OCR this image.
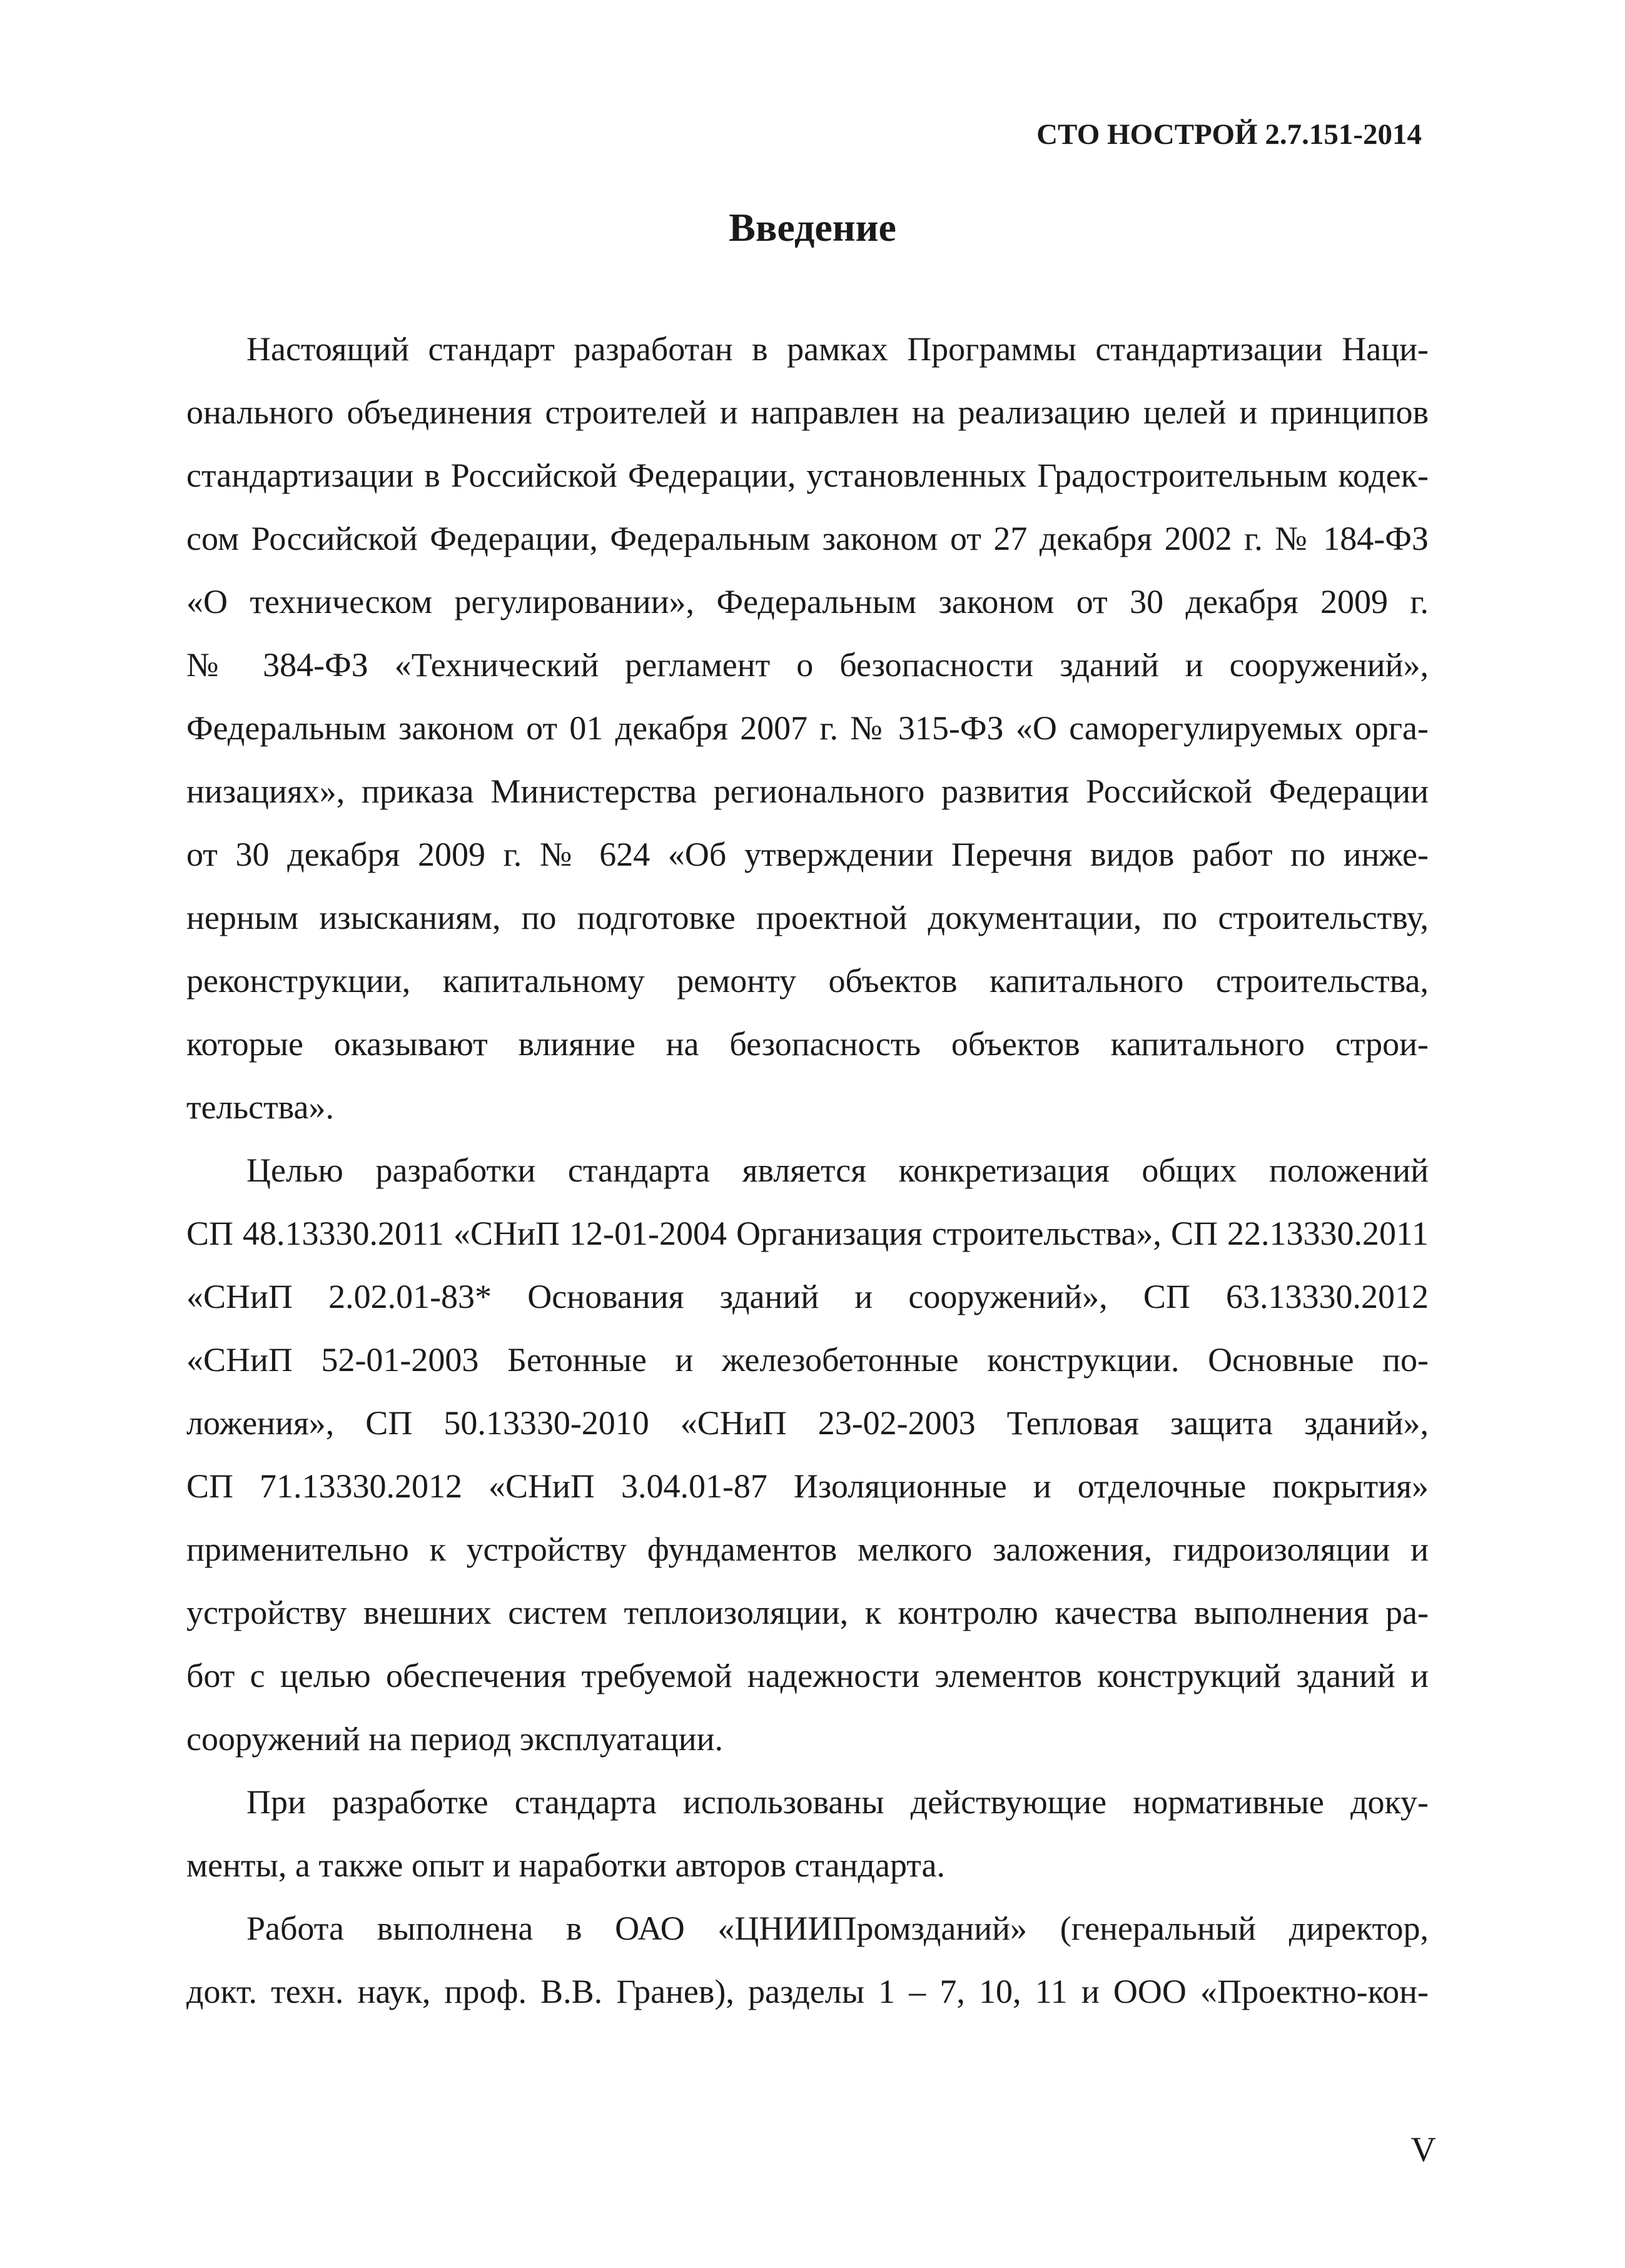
СТО НОСТРОЙ 2.7.151-2014
Введение
Настоящий стандарт разработан в рамках Программы стандартизации Наци-
онального объединения строителей и направлен на реализацию целей и принципов
стандартизации в Российской Федерации, установленных Градостроительным кодек-
сом Российской Федерации, Федеральным законом от 27 декабря 2002 г. № 184-ФЗ
«О техническом регулировании», Федеральным законом от 30 декабря 2009 г.
№ 384-ФЗ «Технический регламент о безопасности зданий и сооружений»,
Федеральным законом от 01 декабря 2007 г. № 315-ФЗ «О саморегулируемых орга-
низациях», приказа Министерства регионального развития Российской Федерации
от 30 декабря 2009 г. № 624 «Об утверждении Перечня видов работ по инже-
нерным изысканиям, по подготовке проектной документации, по строительству,
реконструкции, капитальному ремонту объектов капитального строительства,
которые оказывают влияние на безопасность объектов капитального строи-
тельства».
Целью разработки стандарта является конкретизация общих положений
СП 48.13330.2011 «СНиП 12-01-2004 Организация строительства», СП 22.13330.2011
«СНиП 2.02.01-83* Основания зданий и сооружений», СП 63.13330.2012
«СНиП 52-01-2003 Бетонные и железобетонные конструкции. Основные по-
ложения», СП 50.13330-2010 «СНиП 23-02-2003 Тепловая защита зданий»,
СП 71.13330.2012 «СНиП 3.04.01-87 Изоляционные и отделочные покрытия»
применительно к устройству фундаментов мелкого заложения, гидроизоляции и
устройству внешних систем теплоизоляции, к контролю качества выполнения ра-
бот с целью обеспечения требуемой надежности элементов конструкций зданий и
сооружений на период эксплуатации.
При разработке стандарта использованы действующие нормативные доку-
менты, а также опыт и наработки авторов стандарта.
Работа выполнена в ОАО «ЦНИИПромзданий» (генеральный директор,
докт. техн. наук, проф. В.В. Гранев), разделы 1 – 7, 10, 11 и ООО «Проектно-кон-
V
